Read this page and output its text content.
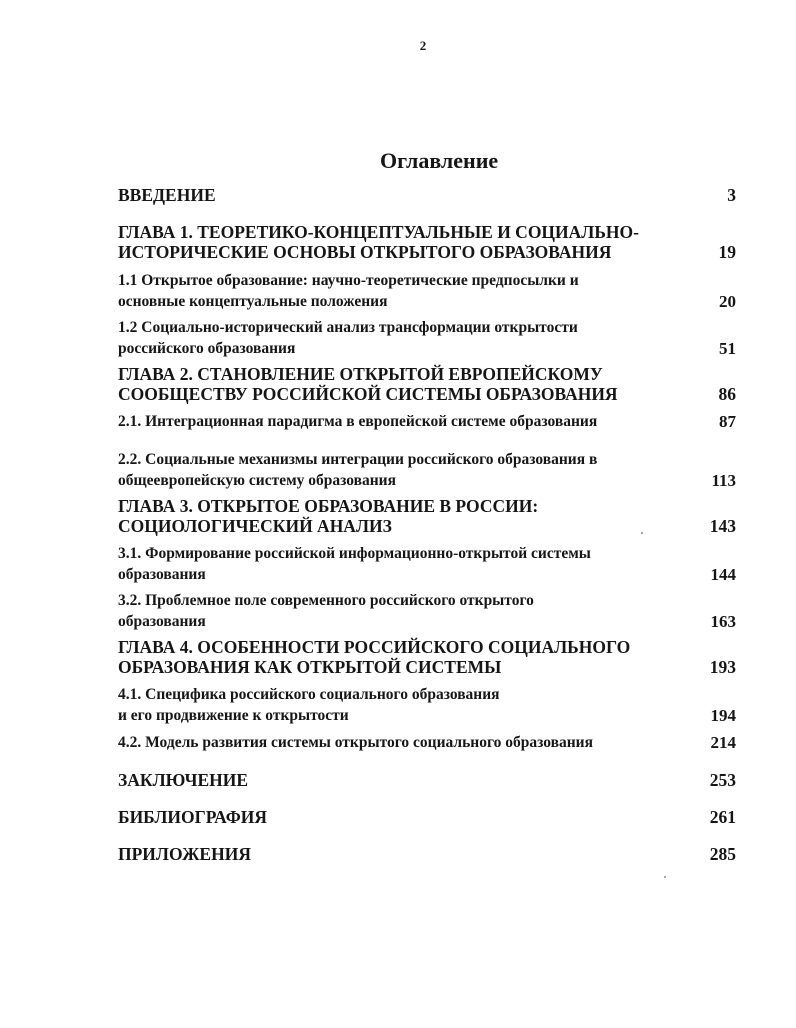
2
Оглавление
ВВЕДЕНИЕ	3
ГЛАВА 1. ТЕОРЕТИКО-КОНЦЕПТУАЛЬНЫЕ И СОЦИАЛЬНО-
ИСТОРИЧЕСКИЕ ОСНОВЫ ОТКРЫТОГО ОБРАЗОВАНИЯ	19
1.1 Открытое образование: научно-теоретические предпосылки и
основные концептуальные положения	20
1.2 Социально-исторический анализ трансформации открытости
российского образования	51
ГЛАВА 2. СТАНОВЛЕНИЕ ОТКРЫТОЙ ЕВРОПЕЙСКОМУ
СООБЩЕСТВУ РОССИЙСКОЙ СИСТЕМЫ ОБРАЗОВАНИЯ	86
2.1. Интеграционная парадигма в европейской системе образования	87
2.2. Социальные механизмы интеграции российского образования в
общеевропейскую систему образования	113
ГЛАВА 3. ОТКРЫТОЕ ОБРАЗОВАНИЕ В РОССИИ:
СОЦИОЛОГИЧЕСКИЙ АНАЛИЗ	143
3.1. Формирование российской информационно-открытой системы
образования	144
3.2. Проблемное поле современного российского открытого
образования	163
ГЛАВА 4. ОСОБЕННОСТИ РОССИЙСКОГО СОЦИАЛЬНОГО
ОБРАЗОВАНИЯ КАК ОТКРЫТОЙ СИСТЕМЫ	193
4.1. Специфика российского социального образования
и его продвижение к открытости	194
4.2. Модель развития системы открытого социального образования	214
ЗАКЛЮЧЕНИЕ	253
БИБЛИОГРАФИЯ	261
ПРИЛОЖЕНИЯ	285
